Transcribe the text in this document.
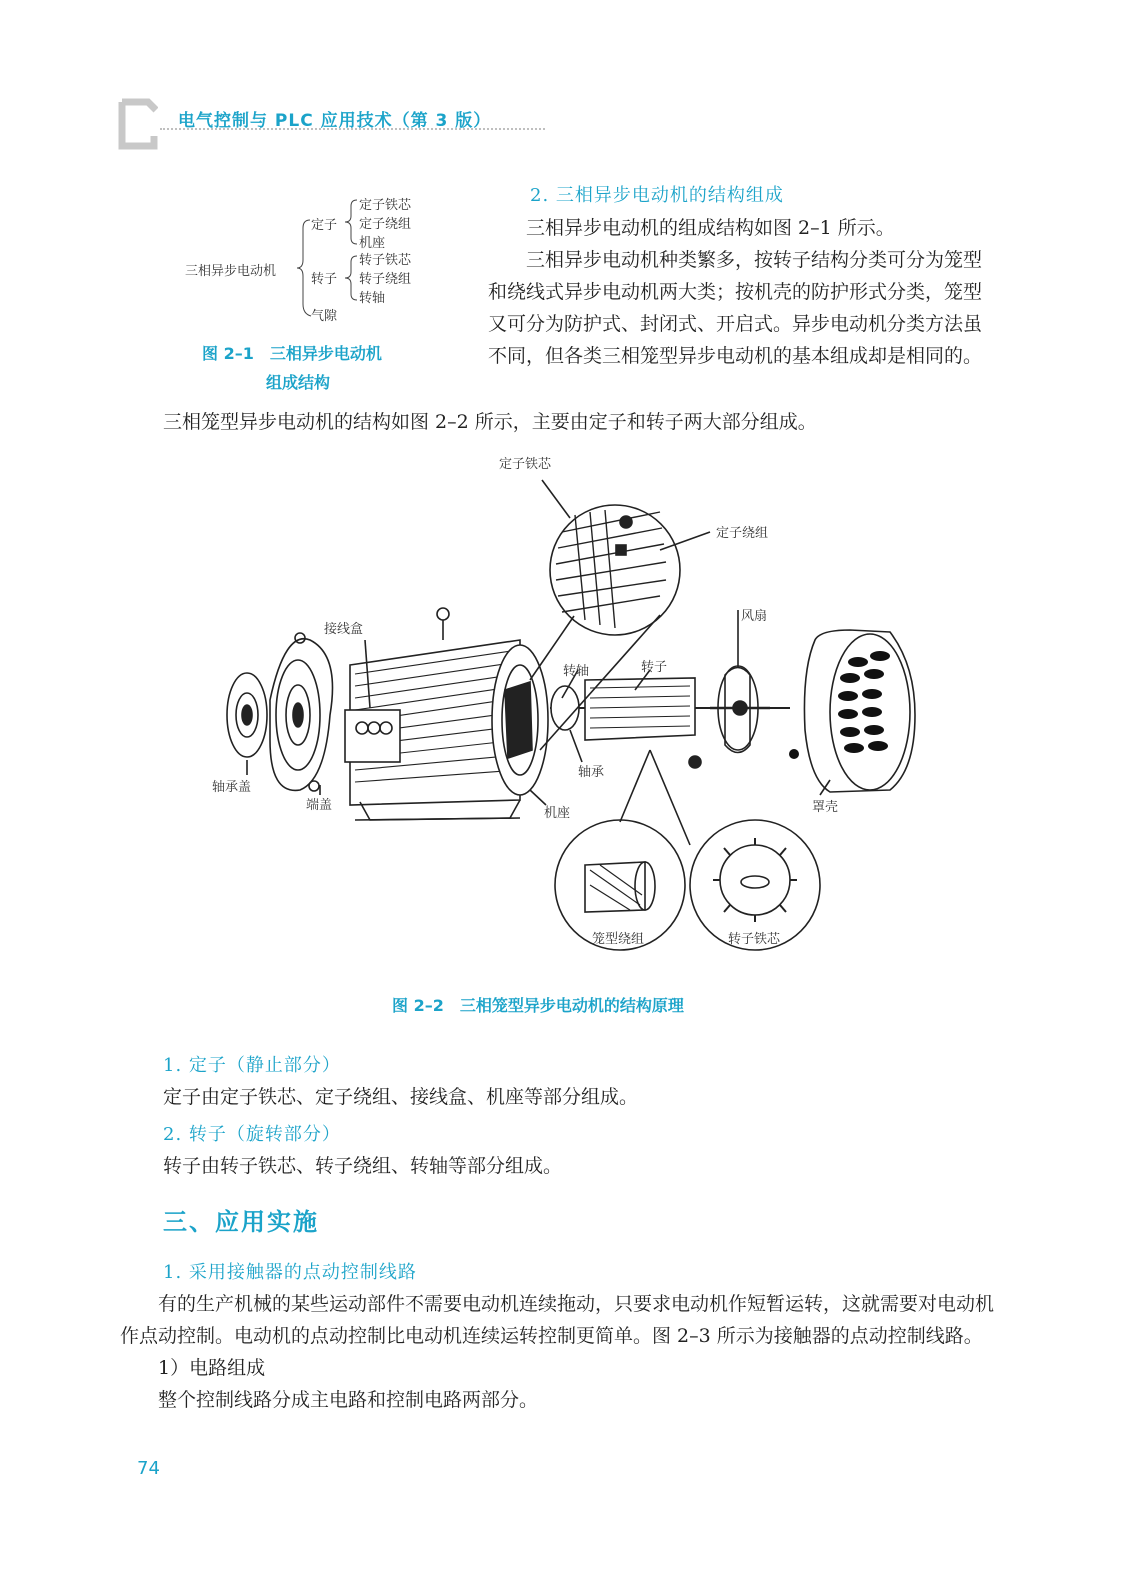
电气控制与 PLC 应用技术（第 3 版）
三相异步电动机
定子
定子铁芯
定子绕组
机座
转子
转子铁芯
转子绕组
转轴
气隙
图 2–1　三相异步电动机
组成结构
2. 三相异步电动机的结构组成

三相异步电动机的组成结构如图 2–1 所示。

三相异步电动机种类繁多，按转子结构分类可分为笼型和绕线式异步电动机两大类；按机壳的防护形式分类，笼型又可分为防护式、封闭式、开启式。异步电动机分类方法虽不同，但各类三相笼型异步电动机的基本组成却是相同的。

三相笼型异步电动机的结构如图 2–2 所示，主要由定子和转子两大部分组成。

定子铁芯
定子绕组
接线盒
风扇
转轴	转子
轴承盖
端盖
轴承
机座	罩壳
笼型绕组	转子铁芯
图 2–2　三相笼型异步电动机的结构原理
1. 定子（静止部分）

定子由定子铁芯、定子绕组、接线盒、机座等部分组成。

2. 转子（旋转部分）

转子由转子铁芯、转子绕组、转轴等部分组成。

三、应用实施
1. 采用接触器的点动控制线路

有的生产机械的某些运动部件不需要电动机连续拖动，只要求电动机作短暂运转，这就需要对电动机作点动控制。电动机的点动控制比电动机连续运转控制更简单。图 2–3 所示为接触器的点动控制线路。

1）电路组成

整个控制线路分成主电路和控制电路两部分。

74
